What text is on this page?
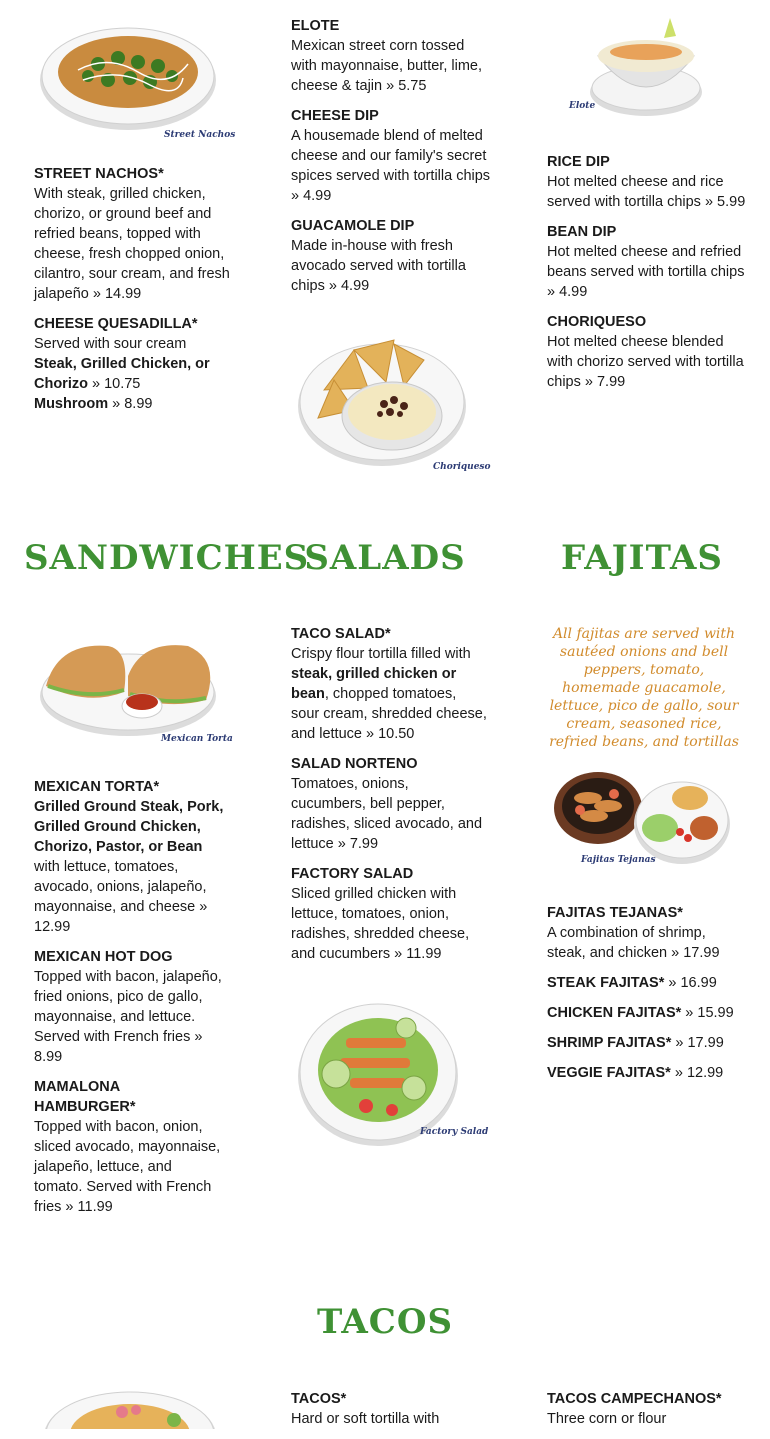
Street Nachos
STREET NACHOS*
With steak, grilled chicken, chorizo, or ground beef and refried beans, topped with cheese, fresh chopped onion, cilantro, sour cream, and fresh jalapeño » 14.99
CHEESE QUESADILLA*
Served with sour cream
Steak, Grilled Chicken, or Chorizo » 10.75
Mushroom » 8.99
ELOTE
Mexican street corn tossed with mayonnaise, butter, lime, cheese & tajin » 5.75
CHEESE DIP
A housemade blend of melted cheese and our family's secret spices served with tortilla chips » 4.99
GUACAMOLE DIP
Made in-house with fresh avocado served with tortilla chips » 4.99
Choriqueso
Elote
RICE DIP
Hot melted cheese and rice served with tortilla chips » 5.99
BEAN DIP
Hot melted cheese and refried beans served with tortilla chips » 4.99
CHORIQUESO
Hot melted cheese blended with chorizo served with tortilla chips » 7.99
SANDWICHES
SALADS	FAJITAS
Mexican Torta
MEXICAN TORTA*
Grilled Ground Steak, Pork, Grilled Ground Chicken, Chorizo, Pastor, or Bean with lettuce, tomatoes, avocado, onions, jalapeño, mayonnaise, and cheese » 12.99
MEXICAN HOT DOG
Topped with bacon, jalapeño, fried onions, pico de gallo, mayonnaise, and lettuce. Served with French fries » 8.99
MAMALONA HAMBURGER*
Topped with bacon, onion, sliced avocado, mayonnaise, jalapeño, lettuce, and tomato. Served with French fries » 11.99
TACO SALAD*
Crispy flour tortilla filled with steak, grilled chicken or bean, chopped tomatoes, sour cream, shredded cheese, and lettuce » 10.50
SALAD NORTENO
Tomatoes, onions, cucumbers, bell pepper, radishes, sliced avocado, and lettuce » 7.99
FACTORY SALAD
Sliced grilled chicken with lettuce, tomatoes, onion, radishes, shredded cheese, and cucumbers » 11.99
Factory Salad
All fajitas are served with sautéed onions and bell peppers, tomato, homemade guacamole, lettuce, pico de gallo, sour cream, seasoned rice, refried beans, and tortillas
Fajitas Tejanas
FAJITAS TEJANAS*
A combination of shrimp, steak, and chicken » 17.99
STEAK FAJITAS* » 16.99
CHICKEN FAJITAS* » 15.99
SHRIMP FAJITAS* » 17.99
VEGGIE FAJITAS* » 12.99
TACOS
TACOS*
Hard or soft tortilla with
TACOS CAMPECHANOS*
Three corn or flour
